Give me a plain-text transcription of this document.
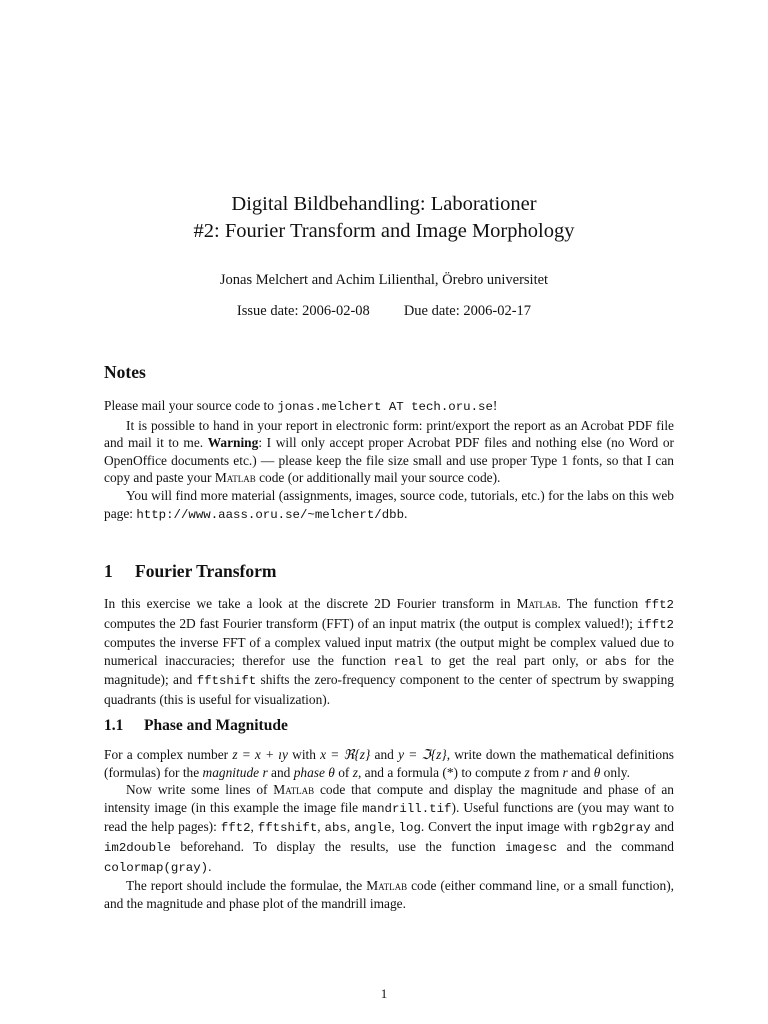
Digital Bildbehandling: Laborationer
#2: Fourier Transform and Image Morphology
Jonas Melchert and Achim Lilienthal, Örebro universitet
Issue date: 2006-02-08 Due date: 2006-02-17
Notes

Please mail your source code to jonas.melchert AT tech.oru.se!

It is possible to hand in your report in electronic form: print/export the report as an Acrobat PDF file and mail it to me. Warning: I will only accept proper Acrobat PDF files and nothing else (no Word or OpenOffice documents etc.) — please keep the file size small and use proper Type 1 fonts, so that I can copy and paste your Matlab code (or additionally mail your source code).

You will find more material (assignments, images, source code, tutorials, etc.) for the labs on this web page: http://www.aass.oru.se/~melchert/dbb.

1 Fourier Transform

In this exercise we take a look at the discrete 2D Fourier transform in Matlab. The function fft2 computes the 2D fast Fourier transform (FFT) of an input matrix (the output is complex valued!); ifft2 computes the inverse FFT of a complex valued input matrix (the output might be complex valued due to numerical inaccuracies; therefor use the function real to get the real part only, or abs for the magnitude); and fftshift shifts the zero-frequency component to the center of spectrum by swapping quadrants (this is useful for visualization).

1.1 Phase and Magnitude

For a complex number z = x + ıy with x = ℜ{z} and y = ℑ{z}, write down the mathematical definitions (formulas) for the magnitude r and phase θ of z, and a formula (*) to compute z from r and θ only.

Now write some lines of Matlab code that compute and display the magnitude and phase of an intensity image (in this example the image file mandrill.tif). Useful functions are (you may want to read the help pages): fft2, fftshift, abs, angle, log. Convert the input image with rgb2gray and im2double beforehand. To display the results, use the function imagesc and the command colormap(gray).

The report should include the formulae, the Matlab code (either command line, or a small function), and the magnitude and phase plot of the mandrill image.

1
